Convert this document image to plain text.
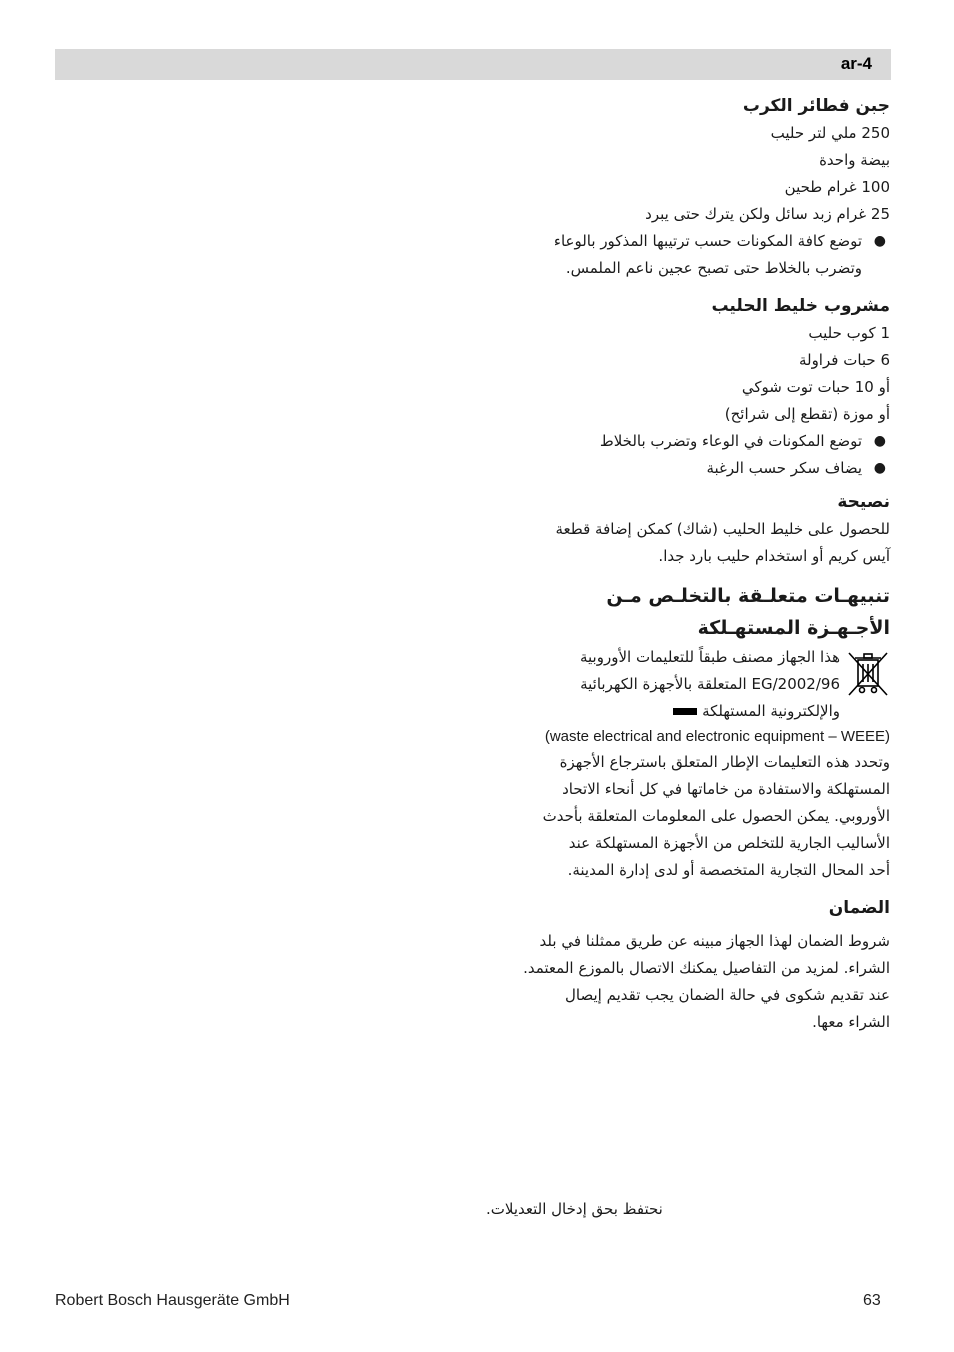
ar-4
جبن فطائر الكرب
250 ملي لتر حليب
بيضة واحدة
100 غرام طحين
25 غرام زبد سائل ولكن يترك حتى يبرد
●
توضع كافة المكونات حسب ترتيبها المذكور بالوعاء
وتضرب بالخلاط حتى تصبح عجين ناعم الملمس.
مشروب خليط الحليب
1 كوب حليب
6 حبات فراولة
أو 10 حبات توت شوكي
أو موزة (تقطع إلى شرائح)
●
توضع المكونات في الوعاء وتضرب بالخلاط
●
يضاف سكر حسب الرغبة
نصيحة
للحصول على خليط الحليب (شاك) كمكن إضافة قطعة
آيس كريم أو استخدام حليب بارد جدا.
تنبيهـات متعلـقة بالتخلـص مـن
الأجـهـزة المستهـلكة
هذا الجهاز مصنف طبقاً للتعليمات الأوروبية
2002/96/EG المتعلقة بالأجهزة الكهربائية
والإلكترونية المستهلكة
(waste electrical and electronic equipment – WEEE)
وتحدد هذه التعليمات الإطار المتعلق باسترجاع الأجهزة
المستهلكة والاستفادة من خاماتها في كل أنحاء الاتحاد
الأوروبي. يمكن الحصول على المعلومات المتعلقة بأحدث
الأساليب الجارية للتخلص من الأجهزة المستهلكة عند
أحد المحال التجارية المتخصصة أو لدى إدارة المدينة.
الضمان
شروط الضمان لهذا الجهاز مبينه عن طريق ممثلنا في بلد
الشراء. لمزيد من التفاصيل يمكنك الاتصال بالموزع المعتمد.
عند تقديم شكوى في حالة الضمان يجب تقديم إيصال
الشراء معها.
نحتفظ بحق إدخال التعديلات.
Robert Bosch Hausgeräte GmbH	63
